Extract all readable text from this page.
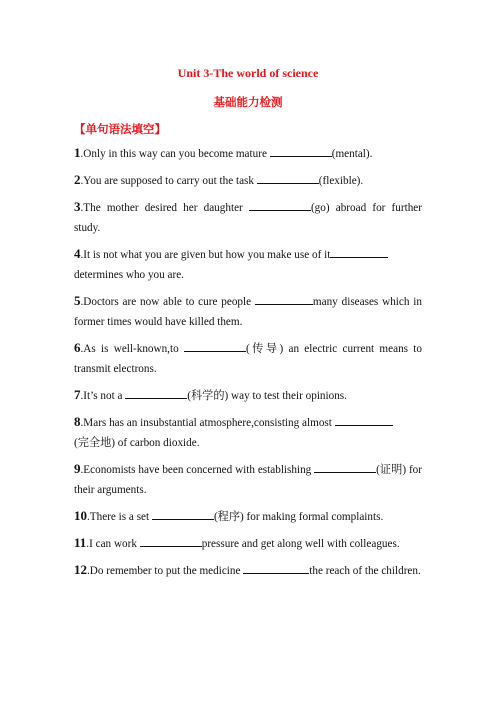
Unit 3-The world of science
基础能力检测
【单句语法填空】
1.Only in this way can you become mature	(mental).
2.You are supposed to carry out the task	(flexible).
3.The mother desired her daughter	(go) abroad for further study.
4.It is not what you are given but how you make use of it
determines who you are.
5.Doctors are now able to cure people	many diseases which in former times would have killed them.
6.As is well-known,to	(传导) an electric current means to transmit electrons.
7.It’s not a	(科学的) way to test their opinions.
8.Mars has an insubstantial atmosphere,consisting almost
(完全地) of carbon dioxide.
9.Economists have been concerned with establishing	(证明) for their arguments.
10.There is a set	(程序) for making formal complaints.
11.I can work	pressure and get along well with colleagues.
12.Do remember to put the medicine	the reach of the children.
